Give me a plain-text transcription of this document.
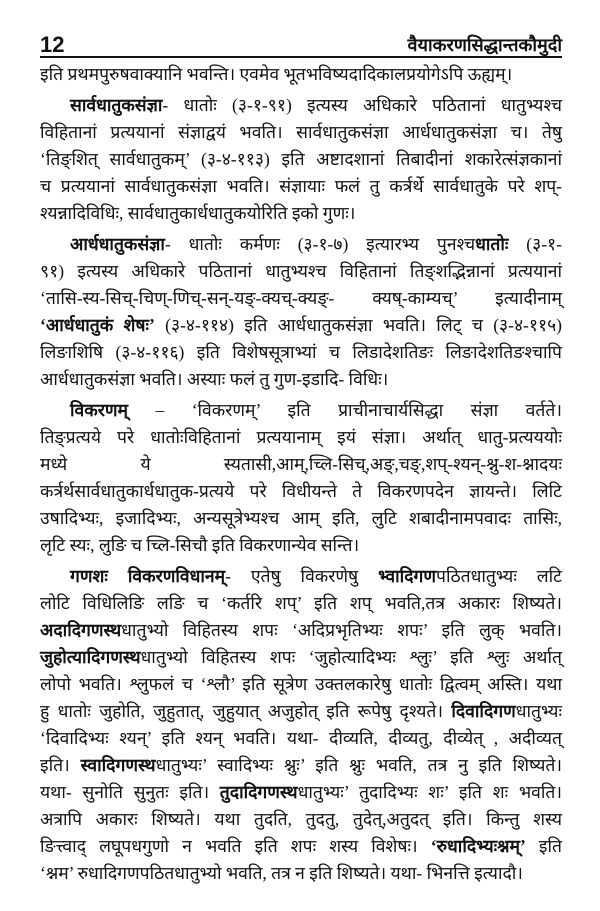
12	वैयाकरणसिद्धान्तकौमुदी
इति प्रथमपुरुषवाक्यानि भवन्ति। एवमेव भूतभविष्यदादिकालप्रयोगेऽपि ऊह्यम्।
सार्वधातुकसंज्ञा- धातोः (३-१-९१) इत्यस्य अधिकारे पठितानां धातुभ्यश्च
विहितानां प्रत्ययानां संज्ञाद्वयं भवति। सार्वधातुकसंज्ञा आर्धधातुकसंज्ञा च। तेषु
‘तिङ्शित् सार्वधातुकम्’ (३-४-११३) इति अष्टादशानां तिबादीनां शकारेत्संज्ञकानां
च प्रत्ययानां सार्वधातुकसंज्ञा भवति। संज्ञायाः फलं तु कर्त्रर्थे सार्वधातुके परे शप्-
श्यन्नादिविधिः, सार्वधातुकार्धधातुकयोरिति इको गुणः।
आर्धधातुकसंज्ञा- धातोः कर्मणः (३-१-७) इत्यारभ्य पुनश्चधातोः (३-१-
९१) इत्यस्य अधिकारे पठितानां धातुभ्यश्च विहितानां तिङ्शद्भिन्नानां प्रत्ययानां
‘तासि-स्य-सिच्-चिण्-णिच्-सन्-यङ्-क्यच्-क्यङ्- क्यष्-काम्यच्’ इत्यादीनाम्
‘आर्धधातुकं शेषः’ (३-४-११४) इति आर्धधातुकसंज्ञा भवति। लिट् च (३-४-११५)
लिङाशिषि (३-४-११६) इति विशेषसूत्राभ्यां च लिडादेशतिङः लिङादेशतिङश्चापि
आर्धधातुकसंज्ञा भवति। अस्याः फलं तु गुण-इडादि- विधिः।
विकरणम् – ‘विकरणम्’ इति प्राचीनाचार्यसिद्धा संज्ञा वर्तते।
तिङ्प्रत्यये परे धातोःविहितानां प्रत्ययानाम् इयं संज्ञा। अर्थात् धातु-प्रत्यययोः
मध्ये ये स्यतासी,आम्,च्लि-सिच्,अङ्,चङ्,शप्-श्यन्-श्नु-श-श्नादयः
कर्त्रर्थसार्वधातुकार्धधातुक-प्रत्यये परे विधीयन्ते ते विकरणपदेन ज्ञायन्ते। लिटि
उषादिभ्यः, इजादिभ्यः, अन्यसूत्रेभ्यश्च आम् इति, लुटि शबादीनामपवादः तासिः,
लृटि स्यः, लुङि च च्लि-सिचौ इति विकरणान्येव सन्ति।
गणशः विकरणविधानम्- एतेषु विकरणेषु भ्वादिगणपठितधातुभ्यः लटि
लोटि विधिलिङि लङि च ‘कर्तरि शप्’ इति शप् भवति,तत्र अकारः शिष्यते।
अदादिगणस्थधातुभ्यो विहितस्य शपः ‘अदिप्रभृतिभ्यः शपः’ इति लुक् भवति।
जुहोत्यादिगणस्थधातुभ्यो विहितस्य शपः ‘जुहोत्यादिभ्यः श्लुः’ इति श्लुः अर्थात्
लोपो भवति। श्लुफलं च ‘श्लौ’ इति सूत्रेण उक्तलकारेषु धातोः द्वित्वम् अस्ति। यथा
हु धातोः जुहोति, जुहुतात्, जुहुयात् अजुहोत् इति रूपेषु दृश्यते। दिवादिगणधातुभ्यः
‘दिवादिभ्यः श्यन्’ इति श्यन् भवति। यथा- दीव्यति, दीव्यतु, दीव्येत् , अदीव्यत्
इति। स्वादिगणस्थधातुभ्यः’ स्वादिभ्यः श्नुः’ इति श्नुः भवति, तत्र नु इति शिष्यते।
यथा- सुनोति सुनुतः इति। तुदादिगणस्थधातुभ्यः’ तुदादिभ्यः शः’ इति शः भवति।
अत्रापि अकारः शिष्यते। यथा तुदति, तुदतु, तुदेत्,अतुदत् इति। किन्तु शस्य
ङित्त्वाद् लघूपधगुणो न भवति इति शपः शस्य विशेषः। ‘रुधादिभ्यःश्नम्’ इति
‘श्नम’ रुधादिगणपठितधातुभ्यो भवति, तत्र न इति शिष्यते। यथा- भिनत्ति इत्यादौ।
